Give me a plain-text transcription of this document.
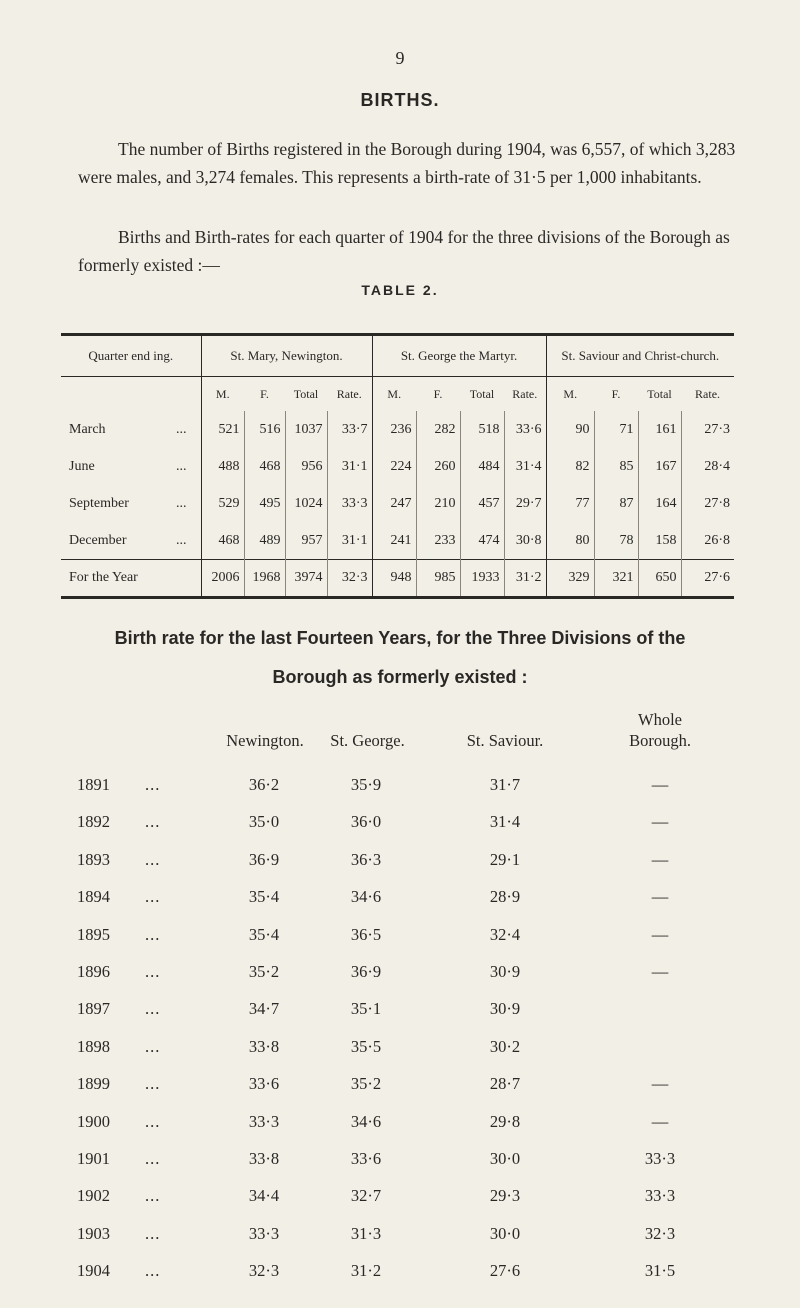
9
BIRTHS.

The number of Births registered in the Borough during 1904, was 6,557, of which 3,283 were males, and 3,274 females. This represents a birth-rate of 31·5 per 1,000 inhabitants.

Births and Birth-rates for each quarter of 1904 for the three divisions of the Borough as formerly existed :—

TABLE 2.
Quarter end ing.	St. Mary, Newington.				St. George the Martyr.				St. Saviour and Christ-church.			
	M.	F.	Total	Rate.	M.	F.	Total	Rate.	M.	F.	Total	Rate.
March ...	521	516	1037	33·7	236	282	518	33·6	90	71	161	27·3
June ...	488	468	956	31·1	224	260	484	31·4	82	85	167	28·4
September ...	529	495	1024	33·3	247	210	457	29·7	77	87	164	27·8
December ...	468	489	957	31·1	241	233	474	30·8	80	78	158	26·8
For the Year	2006	1968	3974	32·3	948	985	1933	31·2	329	321	650	27·6
Birth rate for the last Fourteen Years, for the Three Divisions of the
Borough as formerly existed :
Newington.	St. George.	St. Saviour.
Whole
Borough.
1891 ...	36·2	35·9	31·7	—
1892 ...	35·0	36·0	31·4	—
1893 ...	36·9	36·3	29·1	—
1894 ...	35·4	34·6	28·9	—
1895 ...	35·4	36·5	32·4	—
1896 ...	35·2	36·9	30·9	—
1897 ...	34·7	35·1	30·9
1898 ...	33·8	35·5	30·2
1899 ...	33·6	35·2	28·7	—
1900 ...	33·3	34·6	29·8	—
1901 ...	33·8	33·6	30·0	33·3
1902 ...	34·4	32·7	29·3	33·3
1903 ...	33·3	31·3	30·0	32·3
1904 ...	32·3	31·2	27·6	31·5
